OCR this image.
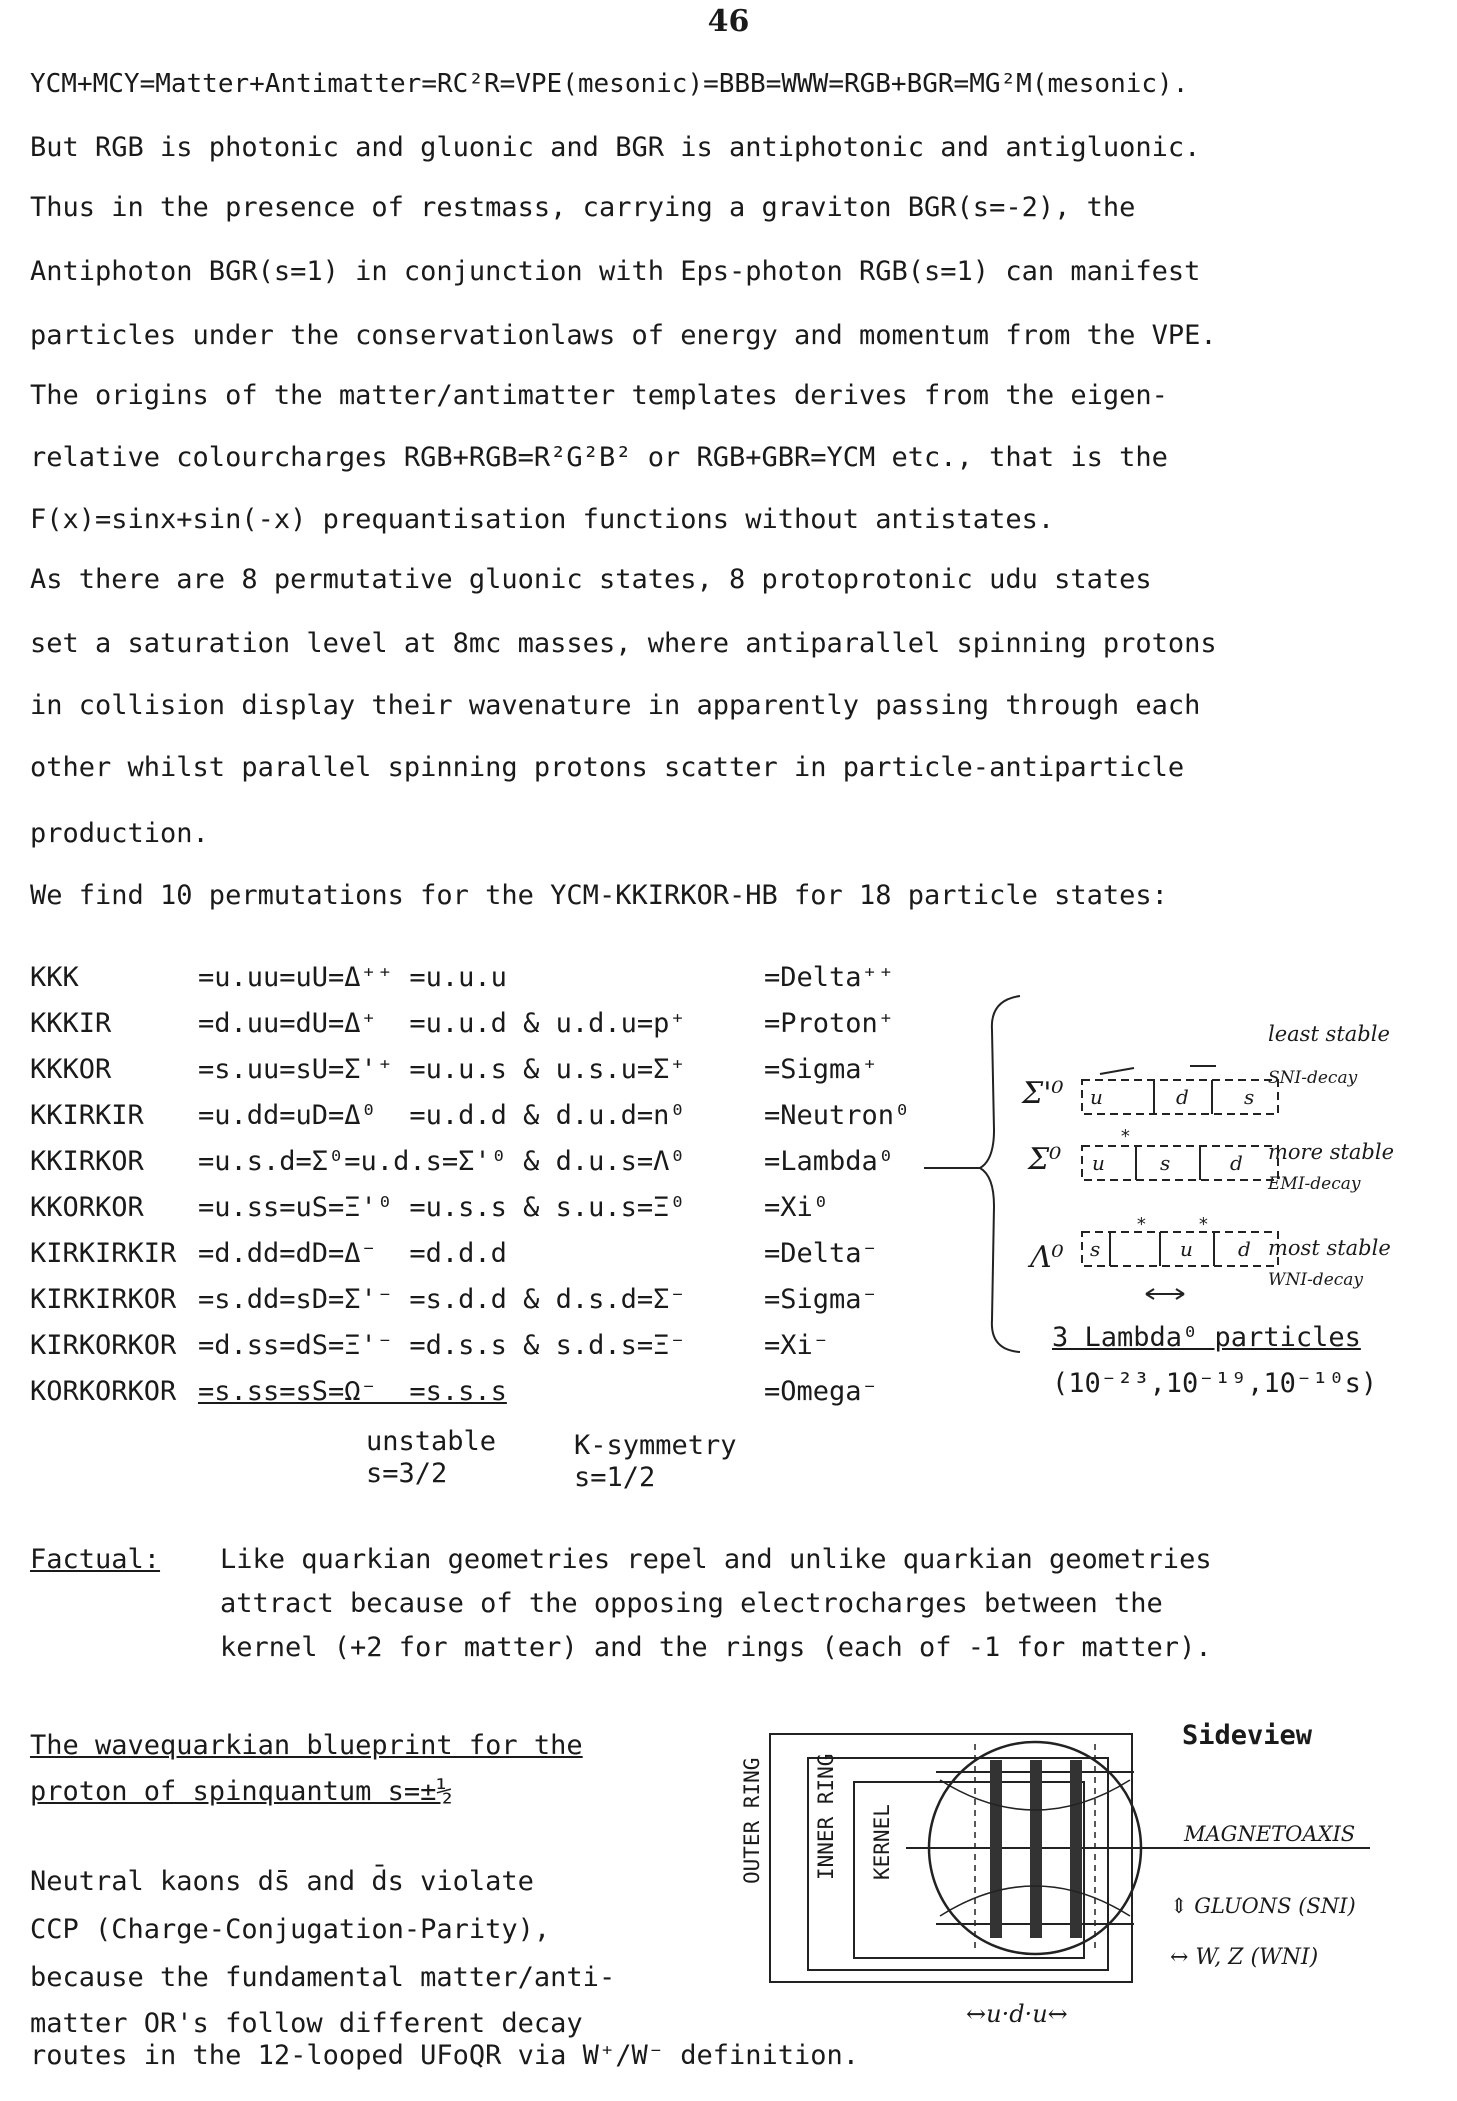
46
YCM+MCY=Matter+Antimatter=RC²R=VPE(mesonic)=BBB=WWW=RGB+BGR=MG²M(mesonic).
But RGB is photonic and gluonic and BGR is antiphotonic and antigluonic.
Thus in the presence of restmass, carrying a graviton BGR(s=-2), the
Antiphoton BGR(s=1) in conjunction with Eps-photon RGB(s=1) can manifest
particles under the conservationlaws of energy and momentum from the VPE.
The origins of the matter/antimatter templates derives from the eigen-
relative colourcharges RGB+RGB=R²G²B² or RGB+GBR=YCM etc., that is the
F(x)=sinx+sin(-x) prequantisation functions without antistates.
As there are 8 permutative gluonic states, 8 protoprotonic udu states
set a saturation level at 8mc masses, where antiparallel spinning protons
in collision display their wavenature in apparently passing through each
other whilst parallel spinning protons scatter in particle-antiparticle
production.
We find 10 permutations for the YCM-KKIRKOR-HB for 18 particle states:
KKK	=u.uu=uU=Δ⁺⁺ =u.u.u	=Delta⁺⁺
KKKIR	=d.uu=dU=Δ⁺  =u.u.d & u.d.u=p⁺	=Proton⁺
KKKOR	=s.uu=sU=Σ'⁺ =u.u.s & u.s.u=Σ⁺	=Sigma⁺
KKIRKIR =u.dd=uD=Δ⁰  =u.d.d & d.u.d=n⁰	=Neutron⁰
KKIRKOR =u.s.d=Σ⁰=u.d.s=Σ'⁰ & d.u.s=Λ⁰	=Lambda⁰
KKORKOR =u.ss=uS=Ξ'⁰ =u.s.s & s.u.s=Ξ⁰	=Xi⁰
KIRKIRKIR =d.dd=dD=Δ⁻  =d.d.d	=Delta⁻
KIRKIRKOR =s.dd=sD=Σ'⁻ =s.d.d & d.s.d=Σ⁻	=Sigma⁻
KIRKORKOR =d.ss=dS=Ξ'⁻ =d.s.s & s.d.s=Ξ⁻	=Xi⁻
KORKORKOR =s.ss=sS=Ω⁻  =s.s.s	=Omega⁻
unstable
s=3/2
K-symmetry
s=1/2
*
*	*
Σ'⁰ u	d	s
least stable
SNI-decay
Σ⁰ u	s	d more stable
EMI-decay
Λ⁰ s	u d most stable
WNI-decay
3 Lambda⁰ particles
(10⁻²³,10⁻¹⁹,10⁻¹⁰s)
Factual: Like quarkian geometries repel and unlike quarkian geometries
attract because of the opposing electrocharges between the
kernel (+2 for matter) and the rings (each of -1 for matter).
The wavequarkian blueprint for the
proton of spinquantum s=±½
Neutral kaons ds̄ and d̄s violate
CCP (Charge-Conjugation-Parity),
because the fundamental matter/anti-
matter OR's follow different decay
routes in the 12-looped UFoQR via W⁺/W⁻ definition.
Sideview
OUTER RING INNER RING KERNEL	MAGNETOAXIS
⇕ GLUONS (SNI)
↔ W, Z (WNI)
↔u·d·u↔
